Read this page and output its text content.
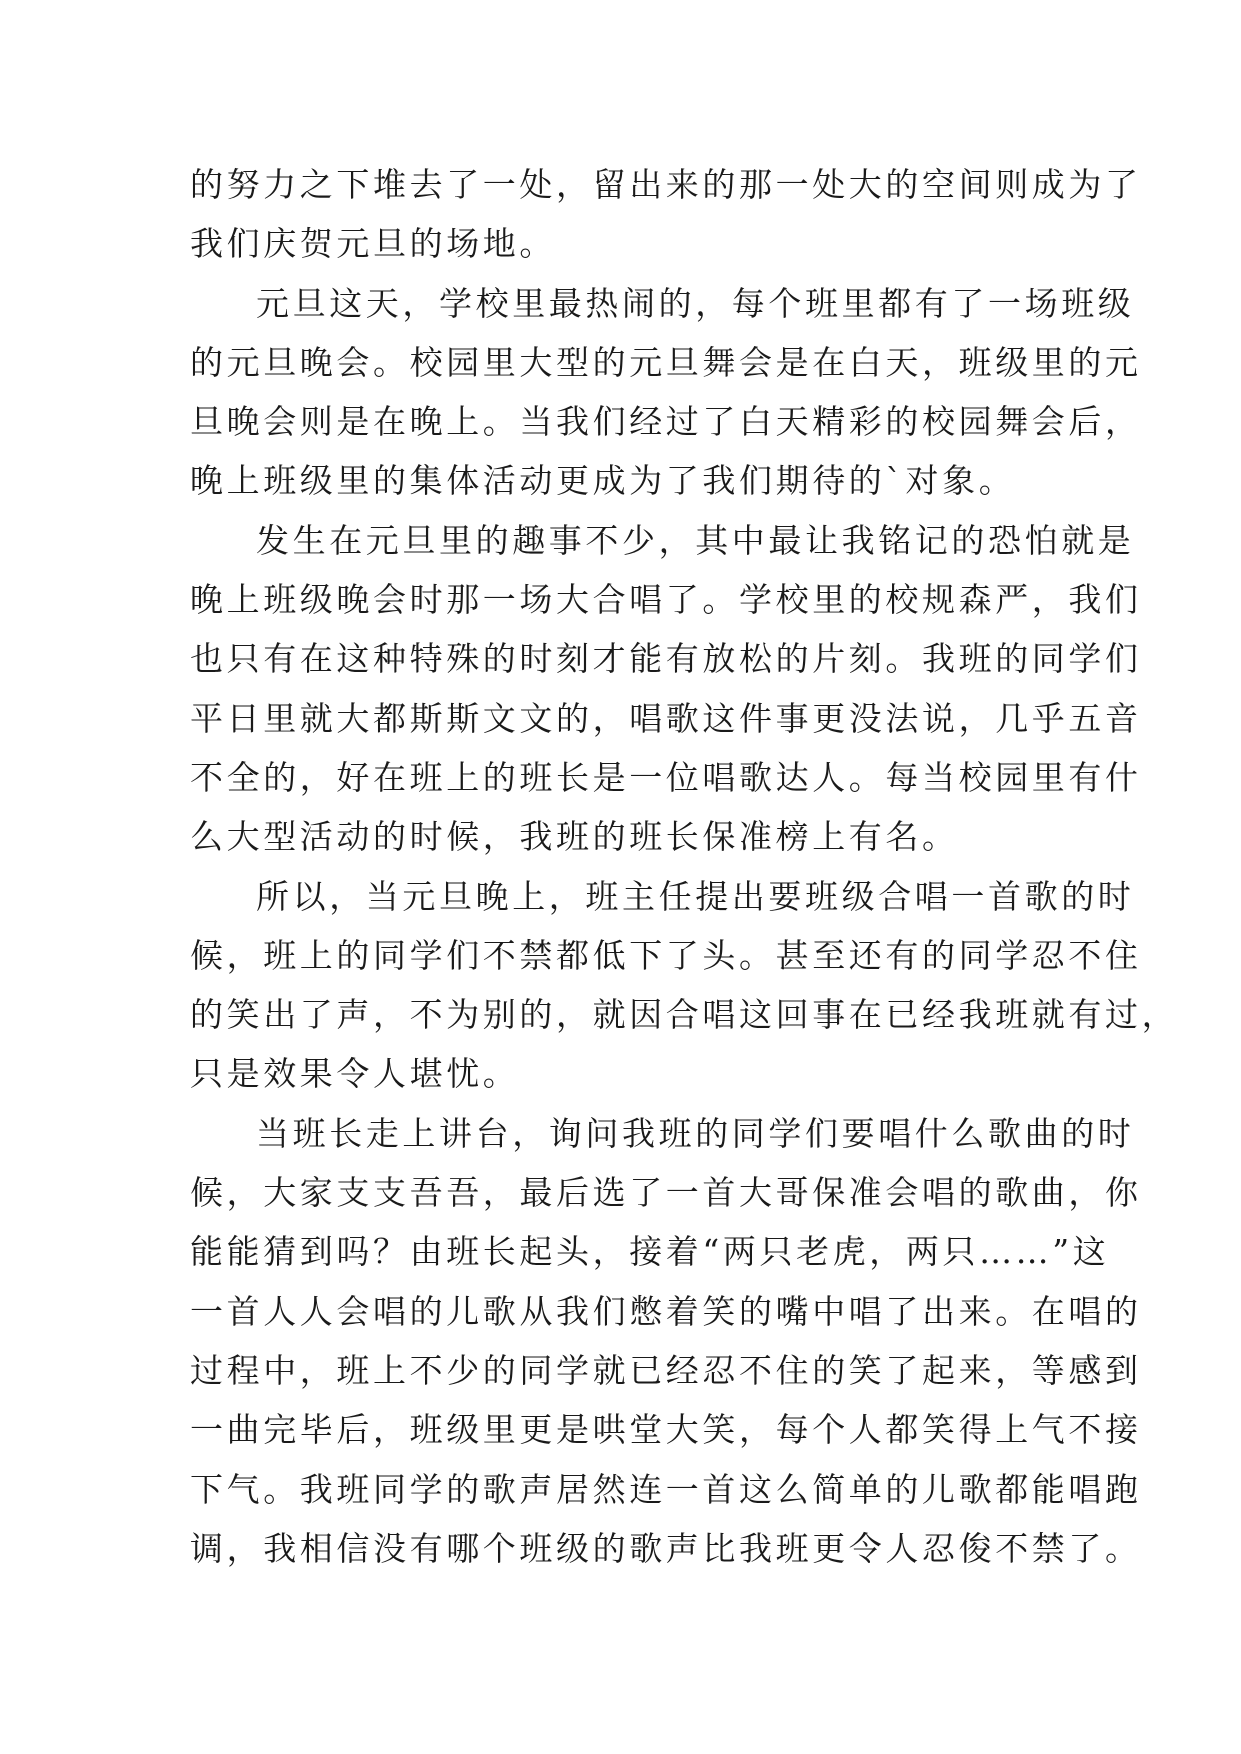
的努力之下堆去了一处，留出来的那一处大的空间则成为了
我们庆贺元旦的场地。
元旦这天，学校里最热闹的，每个班里都有了一场班级
的元旦晚会。校园里大型的元旦舞会是在白天，班级里的元
旦晚会则是在晚上。当我们经过了白天精彩的校园舞会后，
晚上班级里的集体活动更成为了我们期待的`对象。
发生在元旦里的趣事不少，其中最让我铭记的恐怕就是
晚上班级晚会时那一场大合唱了。学校里的校规森严，我们
也只有在这种特殊的时刻才能有放松的片刻。我班的同学们
平日里就大都斯斯文文的，唱歌这件事更没法说，几乎五音
不全的，好在班上的班长是一位唱歌达人。每当校园里有什
么大型活动的时候，我班的班长保准榜上有名。
所以，当元旦晚上，班主任提出要班级合唱一首歌的时
候，班上的同学们不禁都低下了头。甚至还有的同学忍不住
的笑出了声，不为别的，就因合唱这回事在已经我班就有过，
只是效果令人堪忧。
当班长走上讲台，询问我班的同学们要唱什么歌曲的时
候，大家支支吾吾，最后选了一首大哥保准会唱的歌曲，你
能能猜到吗？由班长起头，接着“两只老虎，两只……”这
一首人人会唱的儿歌从我们憋着笑的嘴中唱了出来。在唱的
过程中，班上不少的同学就已经忍不住的笑了起来，等感到
一曲完毕后，班级里更是哄堂大笑，每个人都笑得上气不接
下气。我班同学的歌声居然连一首这么简单的儿歌都能唱跑
调，我相信没有哪个班级的歌声比我班更令人忍俊不禁了。
